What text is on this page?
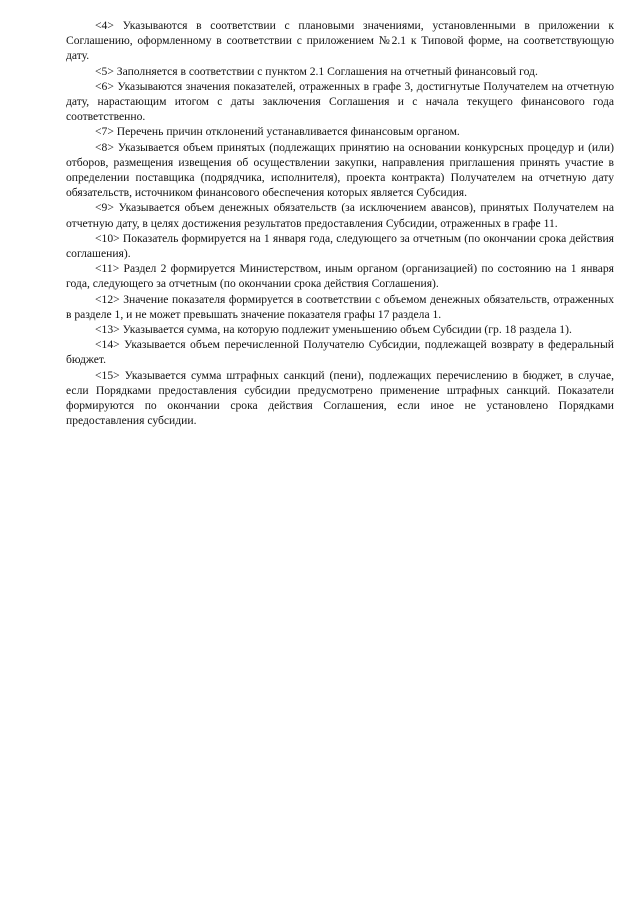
<4> Указываются в соответствии с плановыми значениями, установленными в приложении к Соглашению, оформленному в соответствии с приложением №2.1 к Типовой форме, на соответствующую дату.

<5> Заполняется в соответствии с пунктом 2.1 Соглашения на отчетный финансовый год.

<6> Указываются значения показателей, отраженных в графе 3, достигнутые Получателем на отчетную дату, нарастающим итогом с даты заключения Соглашения и с начала текущего финансового года соответственно.

<7> Перечень причин отклонений устанавливается финансовым органом.

<8> Указывается объем принятых (подлежащих принятию на основании конкурсных процедур и (или) отборов, размещения извещения об осуществлении закупки, направления приглашения принять участие в определении поставщика (подрядчика, исполнителя), проекта контракта) Получателем на отчетную дату обязательств, источником финансового обеспечения которых является Субсидия.

<9> Указывается объем денежных обязательств (за исключением авансов), принятых Получателем на отчетную дату, в целях достижения результатов предоставления Субсидии, отраженных в графе 11.

<10> Показатель формируется на 1 января года, следующего за отчетным (по окончании срока действия соглашения).

<11> Раздел 2 формируется Министерством, иным органом (организацией) по состоянию на 1 января года, следующего за отчетным (по окончании срока действия Соглашения).

<12> Значение показателя формируется в соответствии с объемом денежных обязательств, отраженных в разделе 1, и не может превышать значение показателя графы 17 раздела 1.

<13> Указывается сумма, на которую подлежит уменьшению объем Субсидии (гр. 18 раздела 1).

<14> Указывается объем перечисленной Получателю Субсидии, подлежащей возврату в федеральный бюджет.

<15> Указывается сумма штрафных санкций (пени), подлежащих перечислению в бюджет, в случае, если Порядками предоставления субсидии предусмотрено применение штрафных санкций. Показатели формируются по окончании срока действия Соглашения, если иное не установлено Порядками предоставления субсидии.
